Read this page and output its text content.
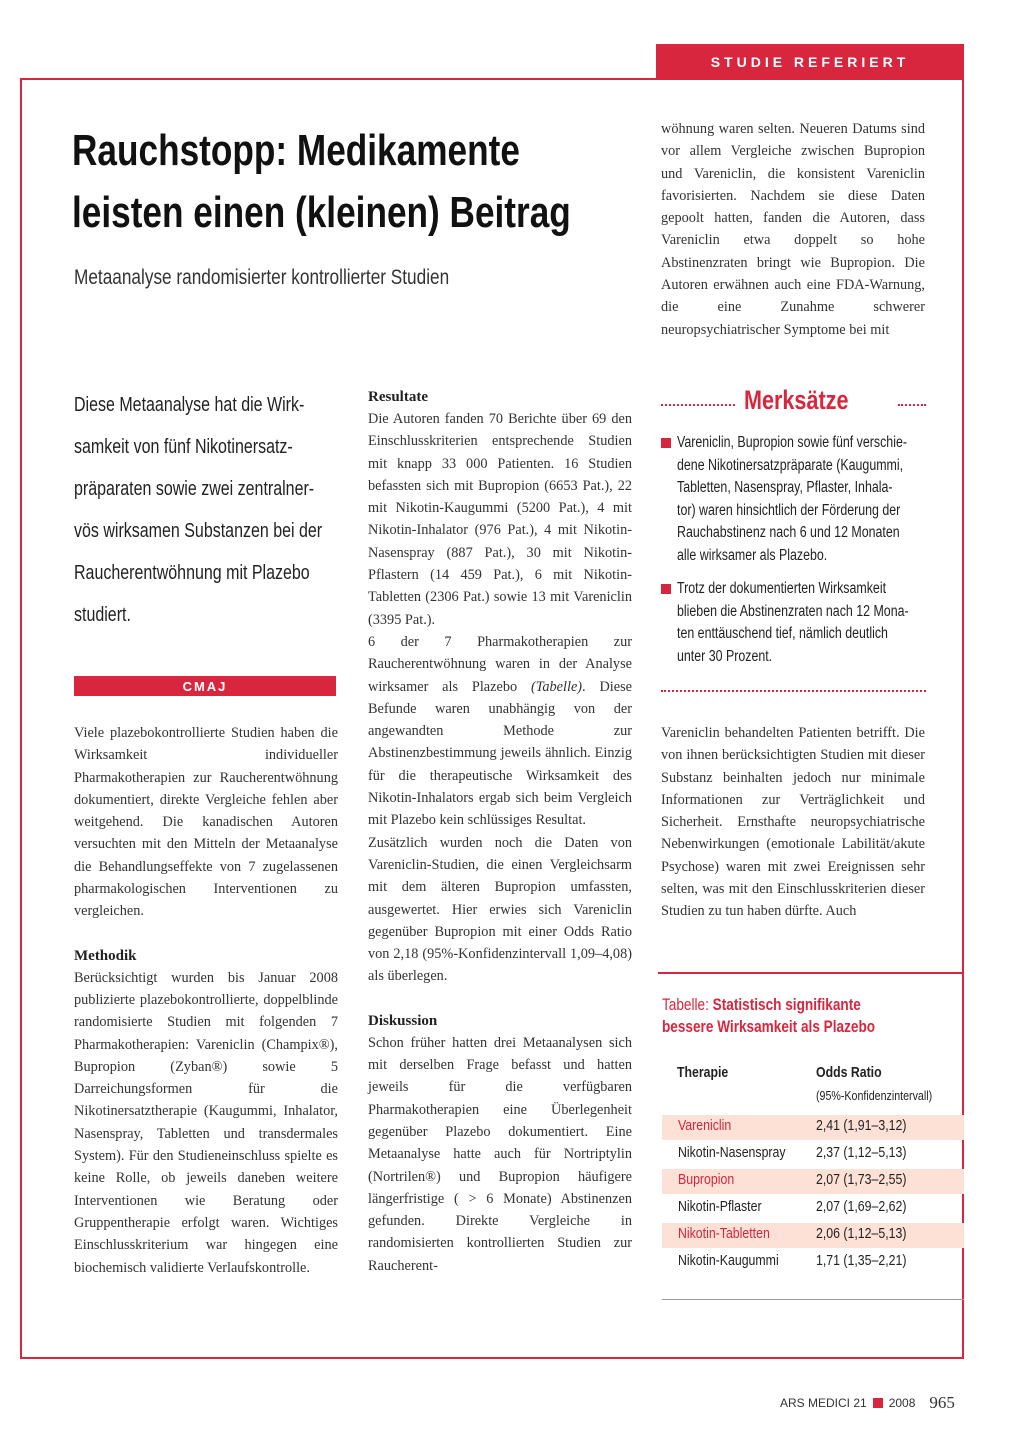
STUDIE REFERIERT
Rauchstopp: Medikamente
leisten einen (kleinen) Beitrag
Metaanalyse randomisierter kontrollierter Studien
wöhnung waren selten. Neueren Datums sind vor allem Vergleiche zwischen Bupropion und Vareniclin, die konsistent Vareniclin favorisierten. Nachdem sie diese Daten gepoolt hatten, fanden die Autoren, dass Vareniclin etwa doppelt so hohe Abstinenzraten bringt wie Bupropion. Die Autoren erwähnen auch eine FDA-Warnung, die eine Zunahme schwerer neuropsychiatrischer Symptome bei mit
Diese Metaanalyse hat die Wirk-
samkeit von fünf Nikotinersatz-
präparaten sowie zwei zentralner-
vös wirksamen Substanzen bei der
Raucherentwöhnung mit Plazebo
studiert.
CMAJ
Viele plazebokontrollierte Studien haben die Wirksamkeit individueller Pharmakotherapien zur Raucherentwöhnung dokumentiert, direkte Vergleiche fehlen aber weitgehend. Die kanadischen Autoren versuchten mit den Mitteln der Metaanalyse die Behandlungseffekte von 7 zugelassenen pharmakologischen Interventionen zu vergleichen.
Methodik
Berücksichtigt wurden bis Januar 2008 publizierte plazebokontrollierte, doppelblinde randomisierte Studien mit folgenden 7 Pharmakotherapien: Vareniclin (Champix®), Bupropion (Zyban®) sowie 5 Darreichungsformen für die Nikotinersatztherapie (Kaugummi, Inhalator, Nasenspray, Tabletten und transdermales System). Für den Studieneinschluss spielte es keine Rolle, ob jeweils daneben weitere Interventionen wie Beratung oder Gruppentherapie erfolgt waren. Wichtiges Einschlusskriterium war hingegen eine biochemisch validierte Verlaufskontrolle.
Resultate
Die Autoren fanden 70 Berichte über 69 den Einschlusskriterien entsprechende Studien mit knapp 33 000 Patienten. 16 Studien befassten sich mit Bupropion (6653 Pat.), 22 mit Nikotin-Kaugummi (5200 Pat.), 4 mit Nikotin-Inhalator (976 Pat.), 4 mit Nikotin-Nasenspray (887 Pat.), 30 mit Nikotin-Pflastern (14 459 Pat.), 6 mit Nikotin-Tabletten (2306 Pat.) sowie 13 mit Vareniclin (3395 Pat.).
6 der 7 Pharmakotherapien zur Raucherentwöhnung waren in der Analyse wirksamer als Plazebo (Tabelle). Diese Befunde waren unabhängig von der angewandten Methode zur Abstinenzbestimmung jeweils ähnlich. Einzig für die therapeutische Wirksamkeit des Nikotin-Inhalators ergab sich beim Vergleich mit Plazebo kein schlüssiges Resultat.
Zusätzlich wurden noch die Daten von Vareniclin-Studien, die einen Vergleichsarm mit dem älteren Bupropion umfassten, ausgewertet. Hier erwies sich Vareniclin gegenüber Bupropion mit einer Odds Ratio von 2,18 (95%-Konfidenzintervall 1,09–4,08) als überlegen.
Diskussion
Schon früher hatten drei Metaanalysen sich mit derselben Frage befasst und hatten jeweils für die verfügbaren Pharmakotherapien eine Überlegenheit gegenüber Plazebo dokumentiert. Eine Metaanalyse hatte auch für Nortriptylin (Nortrilen®) und Bupropion häufigere längerfristige ( > 6 Monate) Abstinenzen gefunden. Direkte Vergleiche in randomisierten kontrollierten Studien zur Raucherent-
Merksätze
Vareniclin, Bupropion sowie fünf verschie-
dene Nikotinersatzpräparate (Kaugummi,
Tabletten, Nasenspray, Pflaster, Inhala-
tor) waren hinsichtlich der Förderung der
Rauchabstinenz nach 6 und 12 Monaten
alle wirksamer als Plazebo.
Trotz der dokumentierten Wirksamkeit
blieben die Abstinenzraten nach 12 Mona-
ten enttäuschend tief, nämlich deutlich
unter 30 Prozent.
Vareniclin behandelten Patienten betrifft. Die von ihnen berücksichtigten Studien mit dieser Substanz beinhalten jedoch nur minimale Informationen zur Verträglichkeit und Sicherheit. Ernsthafte neuropsychiatrische Nebenwirkungen (emotionale Labilität/akute Psychose) waren mit zwei Ereignissen sehr selten, was mit den Einschlusskriterien dieser Studien zu tun haben dürfte. Auch
Tabelle: Statistisch signifikante
bessere Wirksamkeit als Plazebo
Therapie	Odds Ratio
(95%-Konfidenzintervall)
Vareniclin	2,41 (1,91–3,12)
Nikotin-Nasenspray 2,37 (1,12–5,13)
Bupropion	2,07 (1,73–2,55)
Nikotin-Pflaster	2,07 (1,69–2,62)
Nikotin-Tabletten	2,06 (1,12–5,13)
Nikotin-Kaugummi	1,71 (1,35–2,21)
ARS MEDICI 21 2008 965
